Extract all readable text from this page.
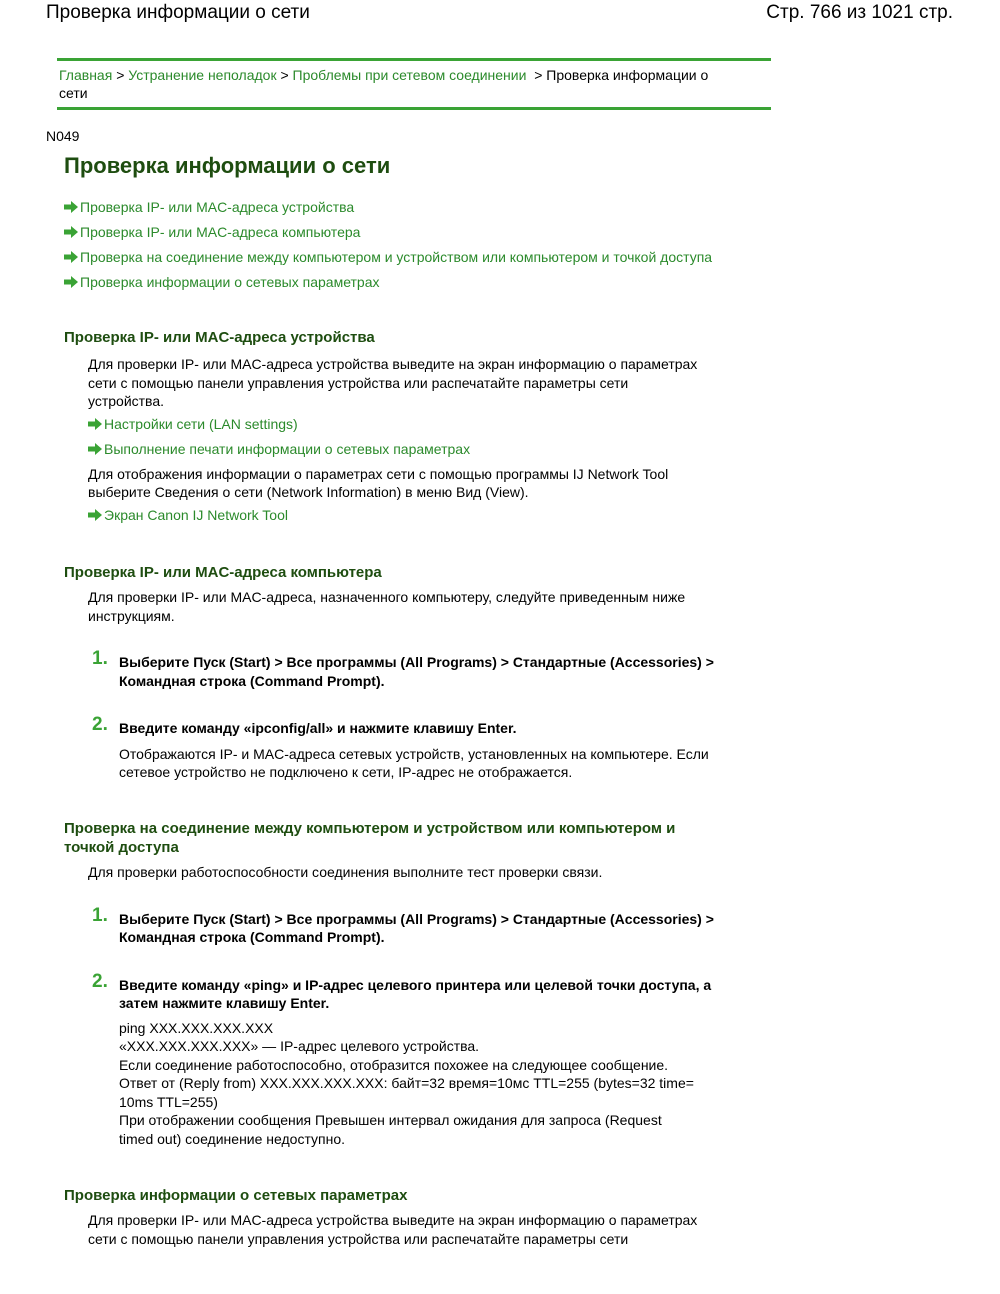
Проверка информации о сети	Стр. 766 из 1021 стр.
Главная > Устранение неполадок > Проблемы при сетевом соединении > Проверка информации о
сети
N049
Проверка информации о сети
Проверка IP- или MAC-адреса устройства
Проверка IP- или MAC-адреса компьютера
Проверка на соединение между компьютером и устройством или компьютером и точкой доступа
Проверка информации о сетевых параметрах
Проверка IP- или MAC-адреса устройства

Для проверки IP- или MAC-адреса устройства выведите на экран информацию о параметрах

сети с помощью панели управления устройства или распечатайте параметры сети

устройства.

Настройки сети (LAN settings)
Выполнение печати информации о сетевых параметрах

Для отображения информации о параметрах сети с помощью программы IJ Network Tool

выберите Сведения о сети (Network Information) в меню Вид (View).

Экран Canon IJ Network Tool
Проверка IP- или MAC-адреса компьютера

Для проверки IP- или MAC-адреса, назначенного компьютеру, следуйте приведенным ниже

инструкциям.

1. Выберите Пуск (Start) > Все программы (All Programs) > Стандартные (Accessories) >
Командная строка (Command Prompt).
2. Введите команду «ipconfig/all» и нажмите клавишу Enter.
Отображаются IP- и MAC-адреса сетевых устройств, установленных на компьютере. Если
сетевое устройство не подключено к сети, IP-адрес не отображается.
Проверка на соединение между компьютером и устройством или компьютером и
точкой доступа

Для проверки работоспособности соединения выполните тест проверки связи.

1. Выберите Пуск (Start) > Все программы (All Programs) > Стандартные (Accessories) >
Командная строка (Command Prompt).
2. Введите команду «ping» и IP-адрес целевого принтера или целевой точки доступа, а
затем нажмите клавишу Enter.
ping XXX.XXX.XXX.XXX
«XXX.XXX.XXX.XXX» — IP-адрес целевого устройства.
Если соединение работоспособно, отобразится похожее на следующее сообщение.
Ответ от (Reply from) XXX.XXX.XXX.XXX: байт=32 время=10мс TTL=255 (bytes=32 time=
10ms TTL=255)
При отображении сообщения Превышен интервал ожидания для запроса (Request
timed out) соединение недоступно.
Проверка информации о сетевых параметрах

Для проверки IP- или MAC-адреса устройства выведите на экран информацию о параметрах

сети с помощью панели управления устройства или распечатайте параметры сети
